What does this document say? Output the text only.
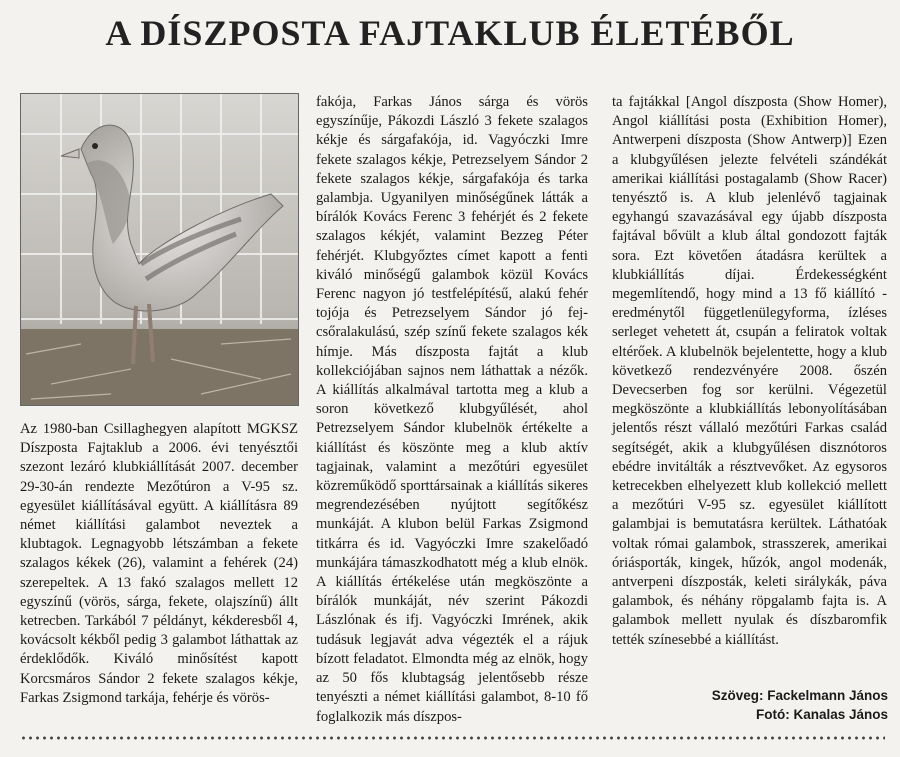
A DÍSZPOSTA FAJTAKLUB ÉLETÉBŐL

Az 1980-ban Csillaghegyen alapított MGKSZ Díszposta Fajtaklub a 2006. évi tenyésztői szezont lezáró klubkiállítását 2007. december 29-30-án rendezte Mezőtúron a V-95 sz. egyesület kiállításával együtt. A kiállításra 89 német kiállítási galambot neveztek a klubtagok. Legnagyobb létszámban a fekete szalagos kékek (26), valamint a fehérek (24) szerepeltek. A 13 fakó szalagos mellett 12 egyszínű (vörös, sárga, fekete, olajszínű) állt ketrecben. Tarkából 7 példányt, kékderesből 4, kovácsolt kékből pedig 3 galambot láthattak az érdeklődők. Kiváló minősítést kapott Korcsmáros Sándor 2 fekete szalagos kékje, Farkas Zsigmond tarkája, fehérje és vörös-

fakója, Farkas János sárga és vörös egyszínűje, Pákozdi László 3 fekete szalagos kékje és sárgafakója, id. Vagyóczki Imre fekete szalagos kékje, Petrezselyem Sándor 2 fekete szalagos kékje, sárgafakója és tarka galambja. Ugyanilyen minőségűnek látták a bírálók Kovács Ferenc 3 fehérjét és 2 fekete szalagos kékjét, valamint Bezzeg Péter fehérjét. Klubgyőztes címet kapott a fenti kiváló minőségű galambok közül Kovács Ferenc nagyon jó testfelépítésű, alakú fehér tojója és Petrezselyem Sándor jó fej- csőralakulású, szép színű fekete szalagos kék hímje. Más díszposta fajtát a klub kollekciójában sajnos nem láthattak a nézők. A kiállítás alkalmával tartotta meg a klub a soron következő klubgyűlését, ahol Petrezselyem Sándor klubelnök értékelte a kiállítást és köszönte meg a klub aktív tagjainak, valamint a mezőtúri egyesület közreműködő sporttársainak a kiállítás sikeres megrendezésében nyújtott segítőkész munkáját. A klubon belül Farkas Zsigmond titkárra és id. Vagyóczki Imre szakelőadó munkájára támaszkodhatott még a klub elnök. A kiállítás értékelése után megköszönte a bírálók munkáját, név szerint Pákozdi Lászlónak és ifj. Vagyóczki Imrének, akik tudásuk legjavát adva végezték el a rájuk bízott feladatot. Elmondta még az elnök, hogy az 50 fős klubtagság jelentősebb része tenyészti a német kiállítási galambot, 8-10 fő foglalkozik más díszpos-

ta fajtákkal [Angol díszposta (Show Homer), Angol kiállítási posta (Exhibition Homer), Antwerpeni díszposta (Show Antwerp)] Ezen a klubgyűlésen jelezte felvételi szándékát amerikai kiállítási postagalamb (Show Racer) tenyésztő is. A klub jelenlévő tagjainak egyhangú szavazásával egy újabb díszposta fajtával bővült a klub által gondozott fajták sora. Ezt követően átadásra kerültek a klubkiállítás díjai. Érdekességként megemlítendő, hogy mind a 13 fő kiállító -eredménytől függetlenülegyforma, ízléses serleget vehetett át, csupán a feliratok voltak eltérőek. A klubelnök bejelentette, hogy a klub következő rendezvényére 2008. őszén Devecserben fog sor kerülni. Végezetül megköszönte a klubkiállítás lebonyolításában jelentős részt vállaló mezőtúri Farkas család segítségét, akik a klubgyűlésen disznótoros ebédre invitálták a résztvevőket. Az egysoros ketrecekben elhelyezett klub kollekció mellett a mezőtúri V-95 sz. egyesület kiállított galambjai is bemutatásra kerültek. Láthatóak voltak római galambok, strasszerek, amerikai óriásporták, kingek, hűzók, angol modenák, antverpeni díszposták, keleti sirálykák, páva galambok, és néhány röpgalamb fajta is. A galambok mellett nyulak és díszbaromfik tették színesebbé a kiállítást.

Szöveg: Fackelmann János
Fotó: Kanalas János
